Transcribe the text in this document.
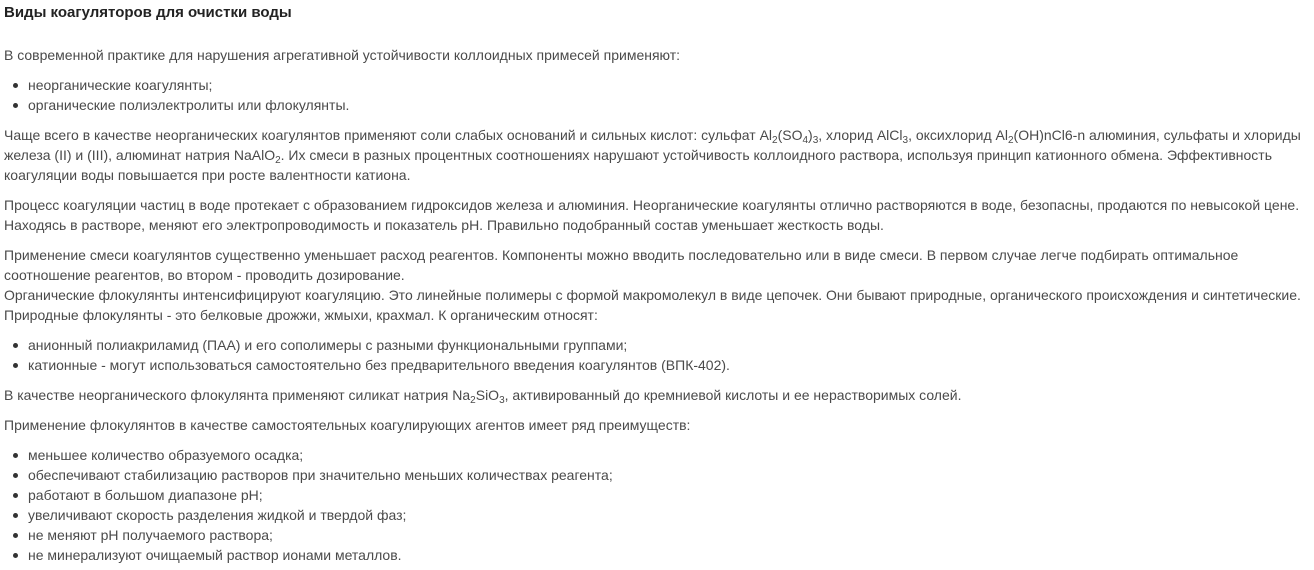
Виды коагуляторов для очистки воды

В современной практике для нарушения агрегативной устойчивости коллоидных примесей применяют:

неорганические коагулянты;
органические полиэлектролиты или флокулянты.

Чаще всего в качестве неорганических коагулянтов применяют соли слабых оснований и сильных кислот: сульфат $Al_2(SO_4)_3$, хлорид AlCl$_3$, оксихлорид $Al_2(OH)nCl6-n$ алюминия, сульфаты и хлориды железа (II) и (III), алюминат натрия NaAlO$_2$. Их смеси в разных процентных соотношениях нарушают устойчивость коллоидного раствора, используя принцип катионного обмена. Эффективность коагуляции воды повышается при росте валентности катиона.

Процесс коагуляции частиц в воде протекает с образованием гидроксидов железа и алюминия. Неорганические коагулянты отлично растворяются в воде, безопасны, продаются по невысокой цене. Находясь в растворе, меняют его электропроводимость и показатель pH. Правильно подобранный состав уменьшает жесткость воды.

Применение смеси коагулянтов существенно уменьшает расход реагентов. Компоненты можно вводить последовательно или в виде смеси. В первом случае легче подбирать оптимальное соотношение реагентов, во втором - проводить дозирование.

Органические флокулянты интенсифицируют коагуляцию. Это линейные полимеры с формой макромолекул в виде цепочек. Они бывают природные, органического происхождения и синтетические. Природные флокулянты - это белковые дрожжи, жмыхи, крахмал. К органическим относят:

анионный полиакриламид (ПАА) и его сополимеры с разными функциональными группами;
катионные - могут использоваться самостоятельно без предварительного введения коагулянтов (ВПК-402).

В качестве неорганического флокулянта применяют силикат натрия $Na_2SiO_3$, активированный до кремниевой кислоты и ее нерастворимых солей.

Применение флокулянтов в качестве самостоятельных коагулирующих агентов имеет ряд преимуществ:

меньшее количество образуемого осадка;
обеспечивают стабилизацию растворов при значительно меньших количествах реагента;
работают в большом диапазоне pH;
увеличивают скорость разделения жидкой и твердой фаз;
не меняют pH получаемого раствора;
не минерализуют очищаемый раствор ионами металлов.
